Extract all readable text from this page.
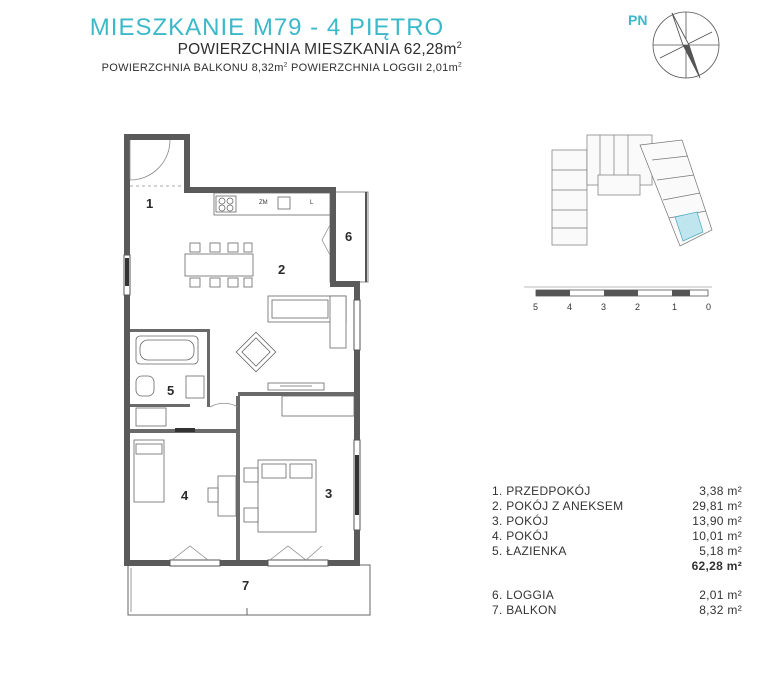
MIESZKANIE M79 - 4 PIĘTRO
POWIERZCHNIA MIESZKANIA $62,28m^2$
POWIERZCHNIA BALKONU $8,32m^2$ POWIERZCHNIA LOGGII $2,01m^2$
PN
1
2
3
4
5
6
7
ZM	L
5	4	3	2	1	0
1. PRZEDPOKÓJ	3,38 m²
2. POKÓJ Z ANEKSEM	29,81 m²
3. POKÓJ	13,90 m²
4. POKÓJ	10,01 m²
5. ŁAZIENKA	5,18 m²
62,28 m²
6. LOGGIA	2,01 m²
7. BALKON	8,32 m²
